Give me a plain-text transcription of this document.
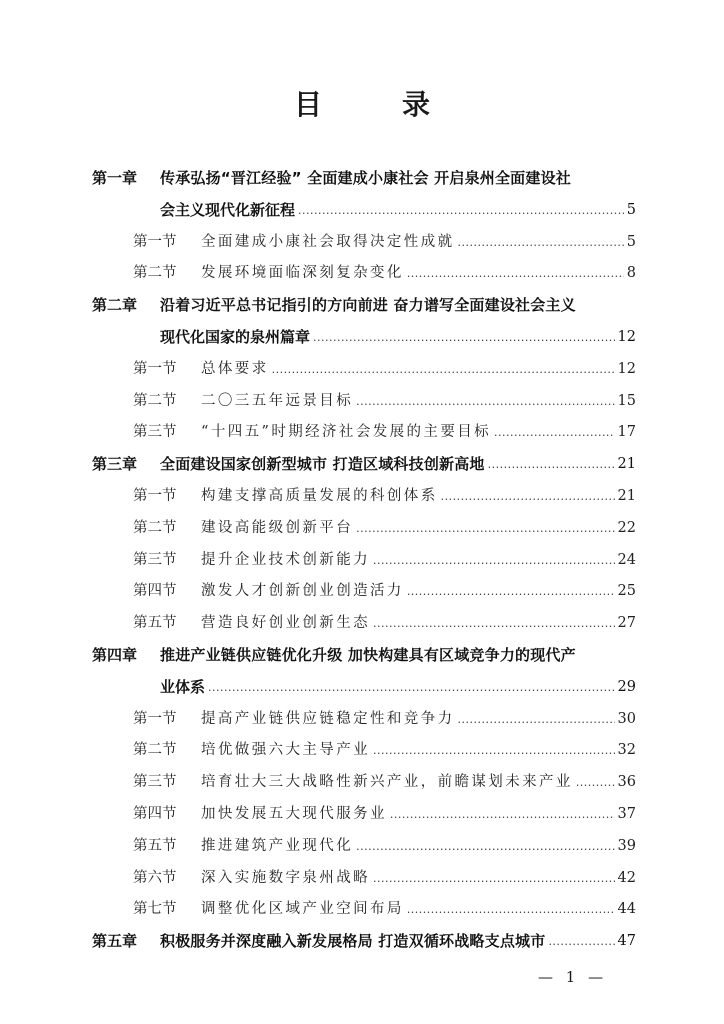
目　录
第一章	传承弘扬“晋江经验” 全面建成小康社会 开启泉州全面建设社
会主义现代化新征程 .....	5
第一节	全面建成小康社会取得决定性成就 .....	5
第二节	发展环境面临深刻复杂变化 .....	8
第二章	沿着习近平总书记指引的方向前进 奋力谱写全面建设社会主义
现代化国家的泉州篇章 .....	12
第一节	总体要求 .....	12
第二节	二〇三五年远景目标 .....	15
第三节	“十四五”时期经济社会发展的主要目标 .....	17
第三章	全面建设国家创新型城市 打造区域科技创新高地 .....	21
第一节	构建支撑高质量发展的科创体系 .....	21
第二节	建设高能级创新平台 .....	22
第三节	提升企业技术创新能力 .....	24
第四节	激发人才创新创业创造活力 .....	25
第五节	营造良好创业创新生态 .....	27
第四章	推进产业链供应链优化升级 加快构建具有区域竞争力的现代产
业体系 .....	29
第一节	提高产业链供应链稳定性和竞争力 .....	30
第二节	培优做强六大主导产业 .....	32
第三节	培育壮大三大战略性新兴产业，前瞻谋划未来产业 .....	36
第四节	加快发展五大现代服务业 .....	37
第五节	推进建筑产业现代化 .....	39
第六节	深入实施数字泉州战略 .....	42
第七节	调整优化区域产业空间布局 .....	44
第五章	积极服务并深度融入新发展格局 打造双循环战略支点城市 .....	47
— 1 —
